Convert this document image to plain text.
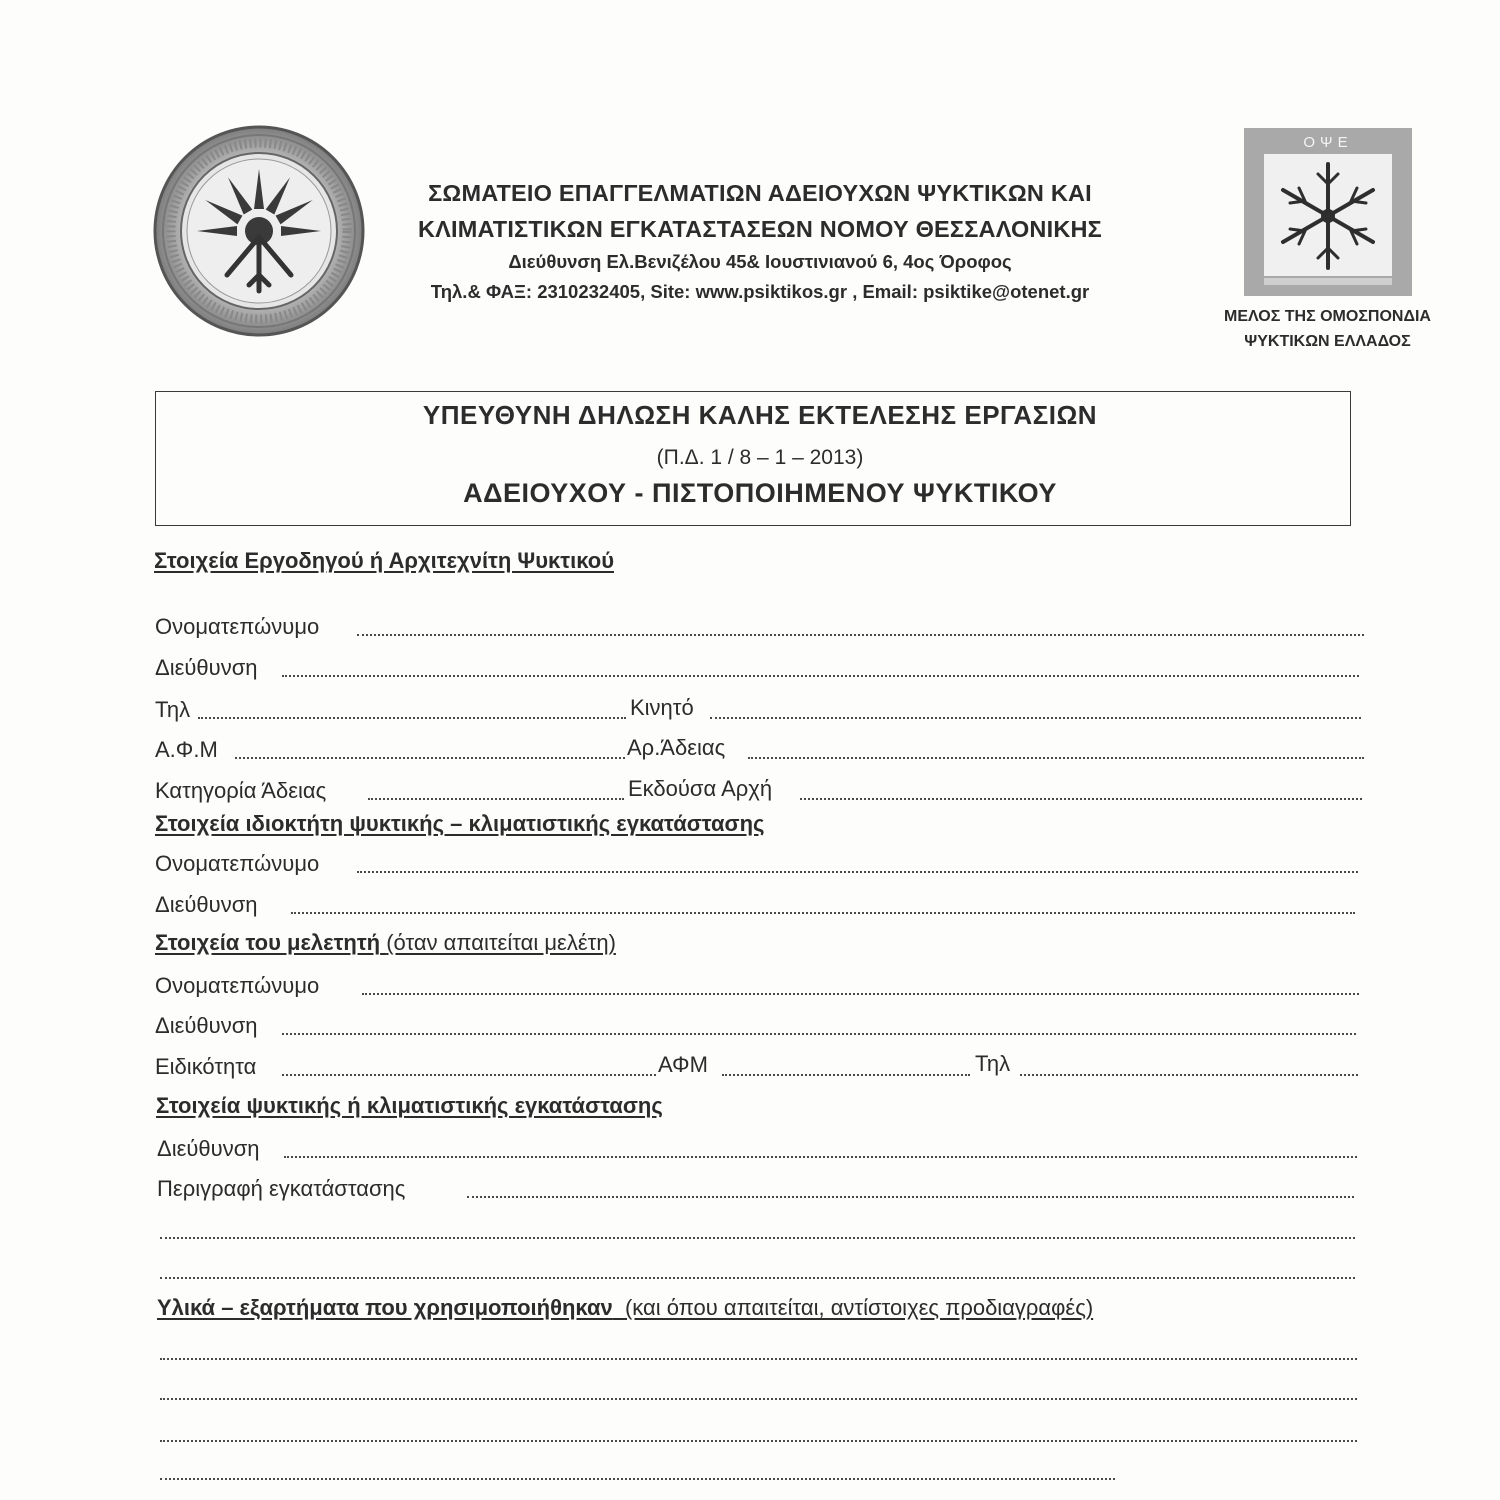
ΣΩΜΑΤΕΙΟ ΕΠΑΓΓΕΛΜΑΤΙΩΝ ΑΔΕΙΟΥΧΩΝ ΨΥΚΤΙΚΩΝ ΚΑΙ
ΚΛΙΜΑΤΙΣΤΙΚΩΝ ΕΓΚΑΤΑΣΤΑΣΕΩΝ ΝΟΜΟΥ ΘΕΣΣΑΛΟΝΙΚΗΣ
Διεύθυνση Ελ.Βενιζέλου 45& Ιουστινιανού 6, 4ος Όροφος
Τηλ.& ΦΑΞ: 2310232405, Site: www.psiktikos.gr , Email: psiktike@otenet.gr
ΟΨΕ
ΜΕΛΟΣ ΤΗΣ ΟΜΟΣΠΟΝΔΙΑ
ΨΥΚΤΙΚΩΝ ΕΛΛΑΔΟΣ
ΥΠΕΥΘΥΝΗ ΔΗΛΩΣΗ ΚΑΛΗΣ ΕΚΤΕΛΕΣΗΣ ΕΡΓΑΣΙΩΝ
(Π.Δ. 1 / 8 – 1 – 2013)
ΑΔΕΙΟΥΧΟΥ - ΠΙΣΤΟΠΟΙΗΜΕΝΟΥ ΨΥΚΤΙΚΟΥ
Στοιχεία Εργοδηγού ή Αρχιτεχνίτη Ψυκτικού
Ονοματεπώνυμο
Διεύθυνση
Τηλ	Κινητό
Α.Φ.Μ	Αρ.Άδειας
Κατηγορία Άδειας	Εκδούσα Αρχή
Στοιχεία ιδιοκτήτη ψυκτικής – κλιματιστικής εγκατάστασης
Ονοματεπώνυμο
Διεύθυνση
Στοιχεία του μελετητή (όταν απαιτείται μελέτη)
Ονοματεπώνυμο
Διεύθυνση
Ειδικότητα	ΑΦΜ	Τηλ
Στοιχεία ψυκτικής ή κλιματιστικής εγκατάστασης
Διεύθυνση
Περιγραφή εγκατάστασης
Υλικά – εξαρτήματα που χρησιμοποιήθηκαν (και όπου απαιτείται, αντίστοιχες προδιαγραφές)
